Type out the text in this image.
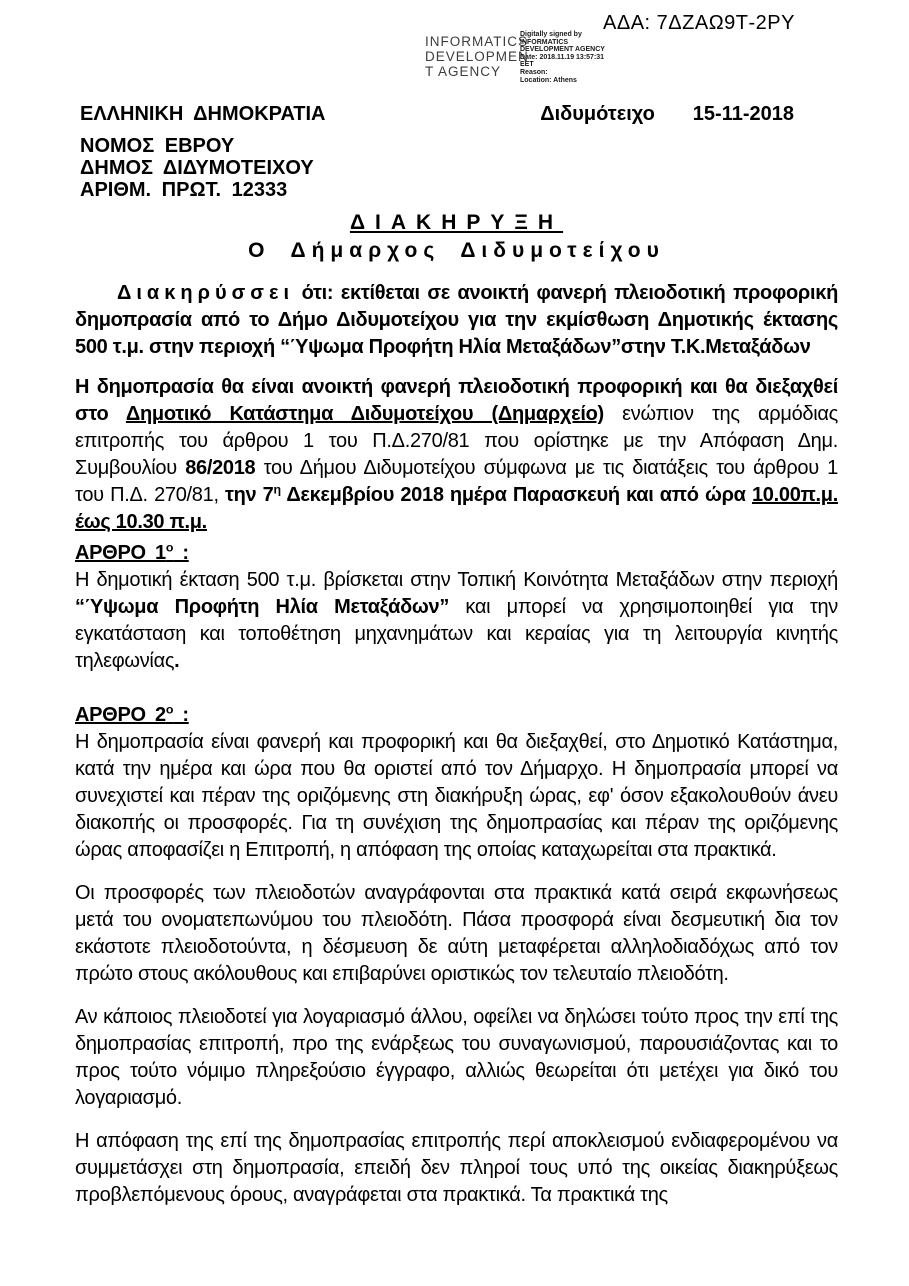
ΑΔΑ: 7ΔΖΑΩ9Τ-2ΡΥ
INFORMATICS
DEVELOPMEN
T AGENCY
Digitally signed by
INFORMATICS
DEVELOPMENT AGENCY
Date: 2018.11.19 13:57:31
EET
Reason:
Location: Athens
ΕΛΛΗΝΙΚΗ ΔΗΜΟΚΡΑΤΙΑ	Διδυμότειχο 15-11-2018
ΝΟΜΟΣ ΕΒΡΟΥ
ΔΗΜΟΣ ΔΙΔΥΜΟΤΕΙΧΟΥ
ΑΡΙΘΜ. ΠΡΩΤ. 12333
ΔΙΑΚΗΡΥΞΗ
Ο Δήμαρχος Διδυμοτείχου
Διακηρύσσει ότι: εκτίθεται σε ανοικτή φανερή πλειοδοτική προφορική δημοπρασία από το Δήμο Διδυμοτείχου για την εκμίσθωση Δημοτικής έκτασης 500 τ.μ. στην περιοχή “Ύψωμα Προφήτη Ηλία Μεταξάδων”στην Τ.Κ.Μεταξάδων
Η δημοπρασία θα είναι ανοικτή φανερή πλειοδοτική προφορική και θα διεξαχθεί στο Δημοτικό Κατάστημα Διδυμοτείχου (Δημαρχείο) ενώπιον της αρμόδιας επιτροπής του άρθρου 1 του Π.Δ.270/81 που ορίστηκε με την Απόφαση Δημ. Συμβουλίου 86/2018 του Δήμου Διδυμοτείχου σύμφωνα με τις διατάξεις του άρθρου 1 του Π.Δ. 270/81, την $7^\eta$ Δεκεμβρίου 2018 ημέρα Παρασκευή και από ώρα 10.00π.μ. έως 10.30 π.μ.
ΑΡΘΡΟ $1^o$ :
Η δημοτική έκταση 500 τ.μ. βρίσκεται στην Τοπική Κοινότητα Μεταξάδων στην περιοχή “Ύψωμα Προφήτη Ηλία Μεταξάδων” και μπορεί να χρησιμοποιηθεί για την εγκατάσταση και τοποθέτηση μηχανημάτων και κεραίας για τη λειτουργία κινητής τηλεφωνίας.
ΑΡΘΡΟ $2^o$ :
Η δημοπρασία είναι φανερή και προφορική και θα διεξαχθεί, στο Δημοτικό Κατάστημα, κατά την ημέρα και ώρα που θα οριστεί από τον Δήμαρχο. Η δημοπρασία μπορεί να συνεχιστεί και πέραν της οριζόμενης στη διακήρυξη ώρας, εφ' όσον εξακολουθούν άνευ διακοπής οι προσφορές. Για τη συνέχιση της δημοπρασίας και πέραν της οριζόμενης ώρας αποφασίζει η Επιτροπή, η απόφαση της οποίας καταχωρείται στα πρακτικά.
Οι προσφορές των πλειοδοτών αναγράφονται στα πρακτικά κατά σειρά εκφωνήσεως μετά του ονοματεπωνύμου του πλειοδότη. Πάσα προσφορά είναι δεσμευτική δια τον εκάστοτε πλειοδοτούντα, η δέσμευση δε αύτη μεταφέρεται αλληλοδιαδόχως από τον πρώτο στους ακόλουθους και επιβαρύνει οριστικώς τον τελευταίο πλειοδότη.
Αν κάποιος πλειοδοτεί για λογαριασμό άλλου, οφείλει να δηλώσει τούτο προς την επί της δημοπρασίας επιτροπή, προ της ενάρξεως του συναγωνισμού, παρουσιάζοντας και το προς τούτο νόμιμο πληρεξούσιο έγγραφο, αλλιώς θεωρείται ότι μετέχει για δικό του λογαριασμό.
Η απόφαση της επί της δημοπρασίας επιτροπής περί αποκλεισμού ενδιαφερομένου να συμμετάσχει στη δημοπρασία, επειδή δεν πληροί τους υπό της οικείας διακηρύξεως προβλεπόμενους όρους, αναγράφεται στα πρακτικά. Τα πρακτικά της
